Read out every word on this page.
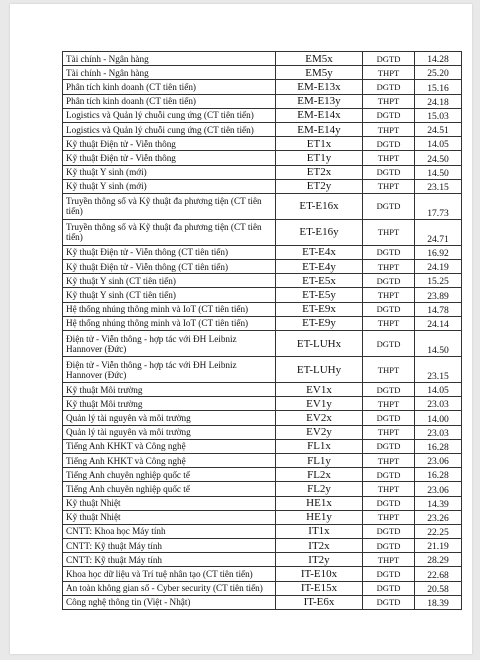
Tài chính - Ngân hàng	EM5x	DGTD	14.28
Tài chính - Ngân hàng	EM5y	THPT	25.20
Phân tích kinh doanh (CT tiên tiến)	EM-E13x	DGTD	15.16
Phân tích kinh doanh (CT tiên tiến)	EM-E13y	THPT	24.18
Logistics và Quản lý chuỗi cung ứng (CT tiên tiến)	EM-E14x	DGTD	15.03
Logistics và Quản lý chuỗi cung ứng (CT tiên tiến)	EM-E14y	THPT	24.51
Kỹ thuật Điện tử - Viễn thông	ET1x	DGTD	14.05
Kỹ thuật Điện tử - Viễn thông	ET1y	THPT	24.50
Kỹ thuật Y sinh (mới)	ET2x	DGTD	14.50
Kỹ thuật Y sinh (mới)	ET2y	THPT	23.15
Truyền thông số và Kỹ thuật đa phương tiện (CT tiên tiến)	ET-E16x	DGTD	17.73
Truyền thông số và Kỹ thuật đa phương tiện (CT tiên tiến)	ET-E16y	THPT	24.71
Kỹ thuật Điện tử - Viễn thông (CT tiên tiến)	ET-E4x	DGTD	16.92
Kỹ thuật Điện tử - Viễn thông (CT tiên tiến)	ET-E4y	THPT	24.19
Kỹ thuật Y sinh (CT tiên tiến)	ET-E5x	DGTD	15.25
Kỹ thuật Y sinh (CT tiên tiến)	ET-E5y	THPT	23.89
Hệ thống nhúng thông minh và IoT (CT tiên tiến)	ET-E9x	DGTD	14.78
Hệ thống nhúng thông minh và IoT (CT tiên tiến)	ET-E9y	THPT	24.14
Điện tử - Viễn thông - hợp tác với ĐH Leibniz Hannover (Đức)	ET-LUHx	DGTD	14.50
Điện tử - Viễn thông - hợp tác với ĐH Leibniz Hannover (Đức)	ET-LUHy	THPT	23.15
Kỹ thuật Môi trường	EV1x	DGTD	14.05
Kỹ thuật Môi trường	EV1y	THPT	23.03
Quản lý tài nguyên và môi trường	EV2x	DGTD	14.00
Quản lý tài nguyên và môi trường	EV2y	THPT	23.03
Tiếng Anh KHKT và Công nghệ	FL1x	DGTD	16.28
Tiếng Anh KHKT và Công nghệ	FL1y	THPT	23.06
Tiếng Anh chuyên nghiệp quốc tế	FL2x	DGTD	16.28
Tiếng Anh chuyên nghiệp quốc tế	FL2y	THPT	23.06
Kỹ thuật Nhiệt	HE1x	DGTD	14.39
Kỹ thuật Nhiệt	HE1y	THPT	23.26
CNTT: Khoa học Máy tính	IT1x	DGTD	22.25
CNTT: Kỹ thuật Máy tính	IT2x	DGTD	21.19
CNTT: Kỹ thuật Máy tính	IT2y	THPT	28.29
Khoa học dữ liệu và Trí tuệ nhân tạo (CT tiên tiến)	IT-E10x	DGTD	22.68
An toàn không gian số - Cyber security (CT tiên tiến)	IT-E15x	DGTD	20.58
Công nghệ thông tin (Việt - Nhật)	IT-E6x	DGTD	18.39
